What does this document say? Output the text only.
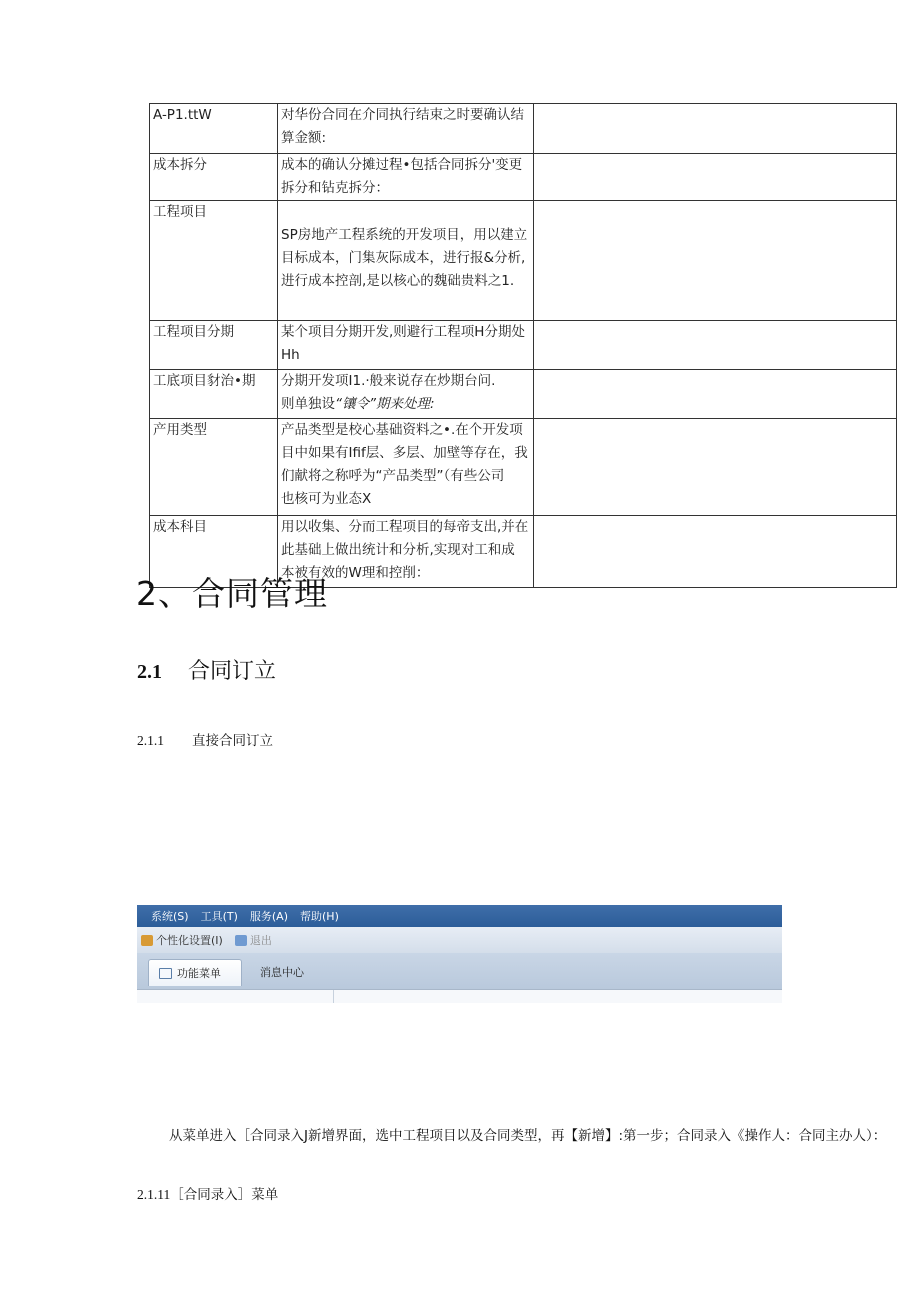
A-P1.ttW	对华份合同在介同执行结束之时要确认结
算金额:	
成本拆分	成本的确认分摊过程•包括合同拆分'变更
拆分和钻克拆分：	
工程项目	SP房地产工程系统的开发项目，用以建立
目标成本，门集灰际成本，进行报&分析,
进行成本控剖,是以核心的魏础贵料之1.	
工程项目分期	某个项目分期开发,则避行工程项H分期处
Hh	
工底项目豺治•期	分期开发项I1.·般来说存在炒期台问.
则单独设“镶令”期来处理:	
产用类型	产品类型是校心基础资料之•.在个开发项
目中如果有Ifif层、多层、加壁等存在，我
们献将之称呼为“产品类型”（有些公司
也核可为业态X	
成本科目	用以收集、分而工程项目的每帝支出,并在
此基础上做出统计和分析,实现对工和成
本被有效的W理和控削：	
2、合同管理
2.1 合同订立
2.1.1 直接合同订立
系统(S) 工具(T) 服务(A) 帮助(H)
个性化设置(I) 退出
功能菜单	消息中心

从菜单进入［合同录入J新增界面，选中工程项目以及合同类型，再【新增】:第一步；合同录入《操作人：合同主办人）：

2.1.11［合同录入］菜单
